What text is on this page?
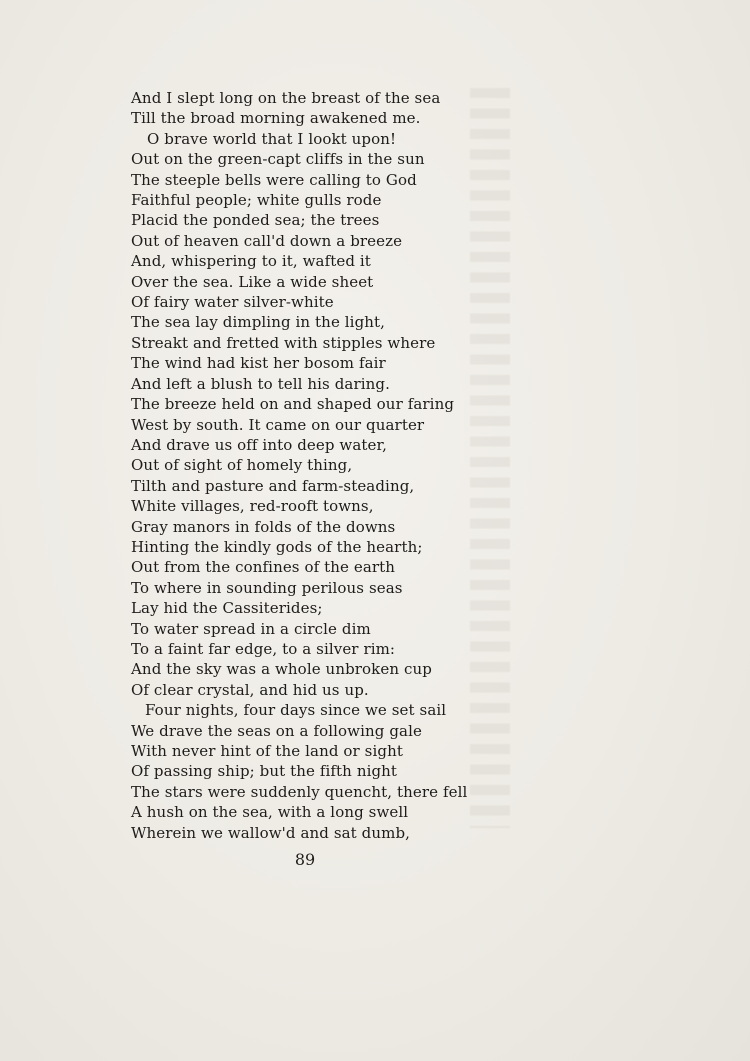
And I slept long on the breast of the sea
Till the broad morning awakened me.
O brave world that I lookt upon!
Out on the green-capt cliffs in the sun
The steeple bells were calling to God
Faithful people; white gulls rode
Placid the ponded sea; the trees
Out of heaven call'd down a breeze
And, whispering to it, wafted it
Over the sea. Like a wide sheet
Of fairy water silver-white
The sea lay dimpling in the light,
Streakt and fretted with stipples where
The wind had kist her bosom fair
And left a blush to tell his daring.
The breeze held on and shaped our faring
West by south. It came on our quarter
And drave us off into deep water,
Out of sight of homely thing,
Tilth and pasture and farm-steading,
White villages, red-rooft towns,
Gray manors in folds of the downs
Hinting the kindly gods of the hearth;
Out from the confines of the earth
To where in sounding perilous seas
Lay hid the Cassiterides;
To water spread in a circle dim
To a faint far edge, to a silver rim:
And the sky was a whole unbroken cup
Of clear crystal, and hid us up.
Four nights, four days since we set sail
We drave the seas on a following gale
With never hint of the land or sight
Of passing ship; but the fifth night
The stars were suddenly quencht, there fell
A hush on the sea, with a long swell
Wherein we wallow'd and sat dumb,
89
